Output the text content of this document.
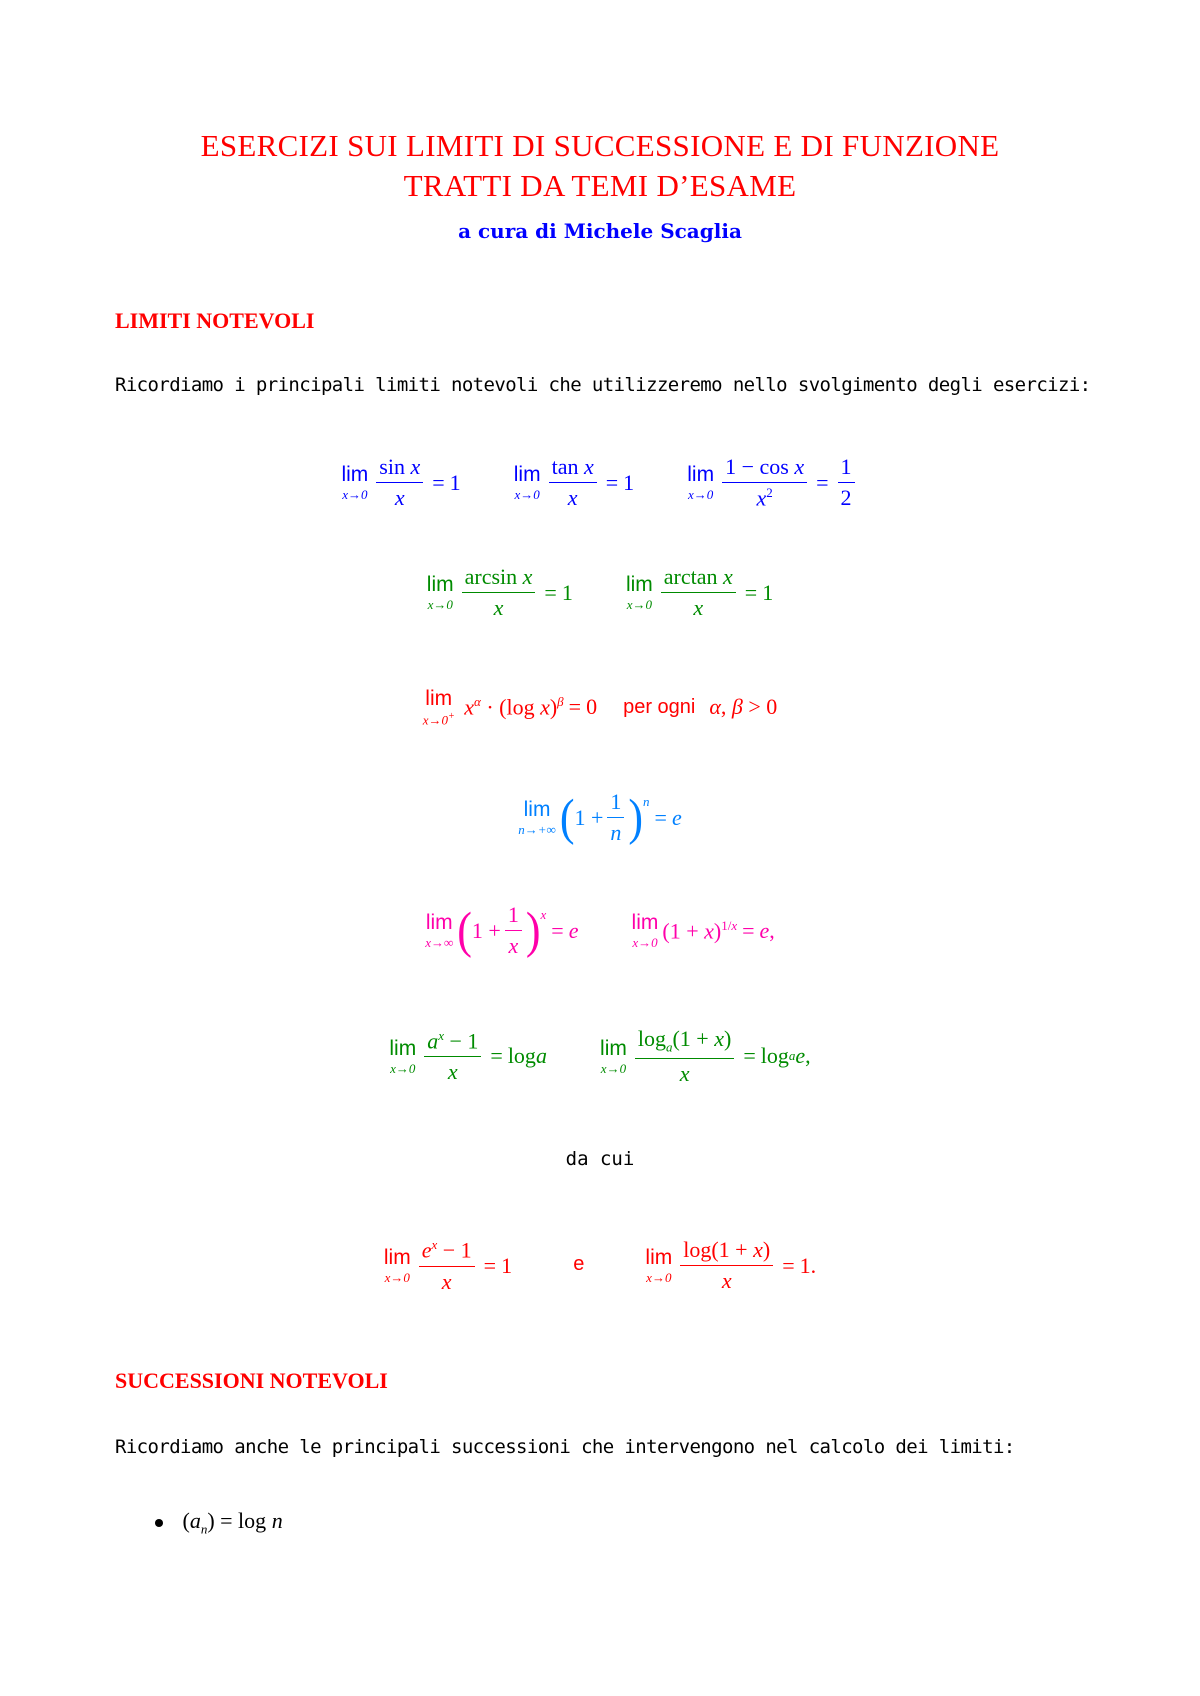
ESERCIZI SUI LIMITI DI SUCCESSIONE E DI FUNZIONE
TRATTI DA TEMI D’ESAME
a cura di Michele Scaglia
LIMITI NOTEVOLI
Ricordiamo i principali limiti notevoli che utilizzeremo nello svolgimento degli esercizi:
lim
$x\to 0 \frac{\text{sin x}}{x} = 1$	lim
$x\to 0 \frac{\text{tan x}}{x} = 1$	lim
$x\to 0 \frac{\text{1 − cos x}}{x^2} = \frac{1}{2}$
lim
$x\to 0 \frac{\text{arcsin x}}{x} = 1$	lim
$x\to 0 \frac{\text{arctan x}}{x} = 1$
lim
x→0+ $x^\alpha \cdot (\log$ x)$^\beta$ = 0 per ogni α, β > 0
lim
n→+∞ ( $1 + \frac{1}{n}$ ) $^n$
= e
lim
x→∞ ( $1 + \frac{1}{x}$ ) $^x$
= e
	lim
x→0 $(1 + x)^{1/x} = e$ ,
lim
$x\to 0 \frac{a^x - 1}{x} = \log a$
	lim
$x\to 0 \frac{\log_a(1 + x)}{x} = \log a$ e ,
da cui
lim
$x\to 0 \frac{e^x - 1}{x} = 1$	e	lim
$x\to 0 \frac{\log(1 + x)}{x} = 1$.
SUCCESSIONI NOTEVOLI
Ricordiamo anche le principali successioni che intervengono nel calcolo dei limiti:
$(a_n) = \log n$
